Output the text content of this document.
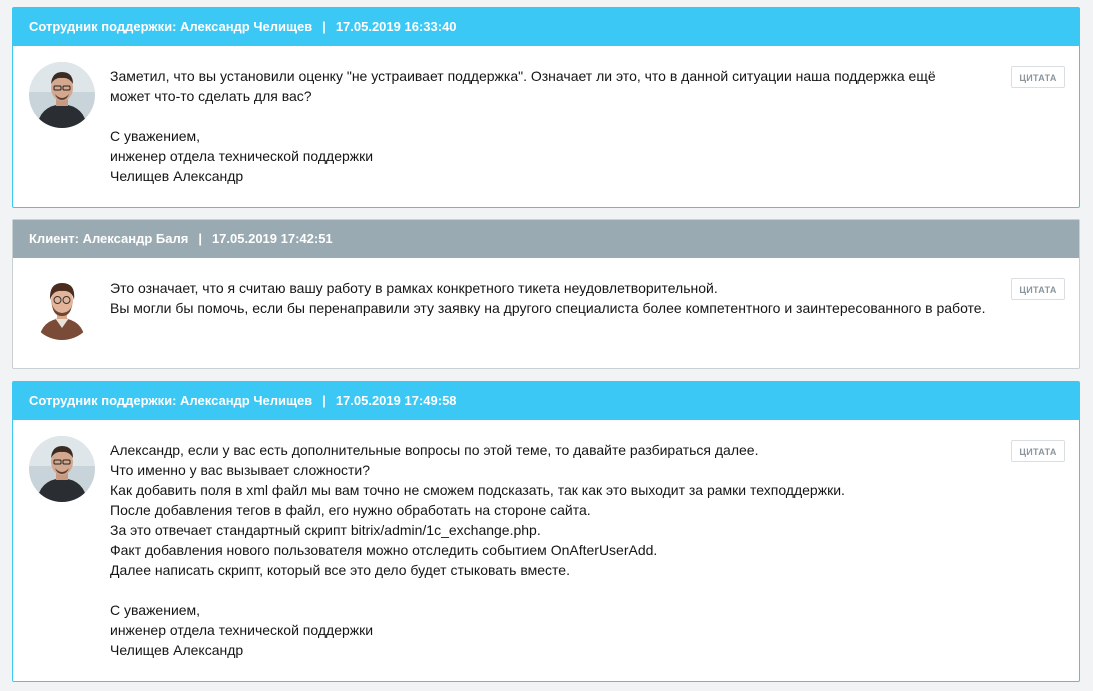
Сотрудник поддержки: Александр Челищев | 17.05.2019 16:33:40
Заметил, что вы установили оценку "не устраивает поддержка". Означает ли это, что в данной ситуации наша поддержка ещё
может что-то сделать для вас?
С уважением,
инженер отдела технической поддержки
Челищев Александр
ЦИТАТА
Клиент: Александр Баля | 17.05.2019 17:42:51
Это означает, что я считаю вашу работу в рамках конкретного тикета неудовлетворительной.
Вы могли бы помочь, если бы перенаправили эту заявку на другого специалиста более компетентного и заинтересованного в работе.
ЦИТАТА
Сотрудник поддержки: Александр Челищев | 17.05.2019 17:49:58
Александр, если у вас есть дополнительные вопросы по этой теме, то давайте разбираться далее.
Что именно у вас вызывает сложности?
Как добавить поля в xml файл мы вам точно не сможем подсказать, так как это выходит за рамки техподдержки.
После добавления тегов в файл, его нужно обработать на стороне сайта.
За это отвечает стандартный скрипт bitrix/admin/1c_exchange.php.
Факт добавления нового пользователя можно отследить событием OnAfterUserAdd.
Далее написать скрипт, который все это дело будет стыковать вместе.
С уважением,
инженер отдела технической поддержки
Челищев Александр
ЦИТАТА
